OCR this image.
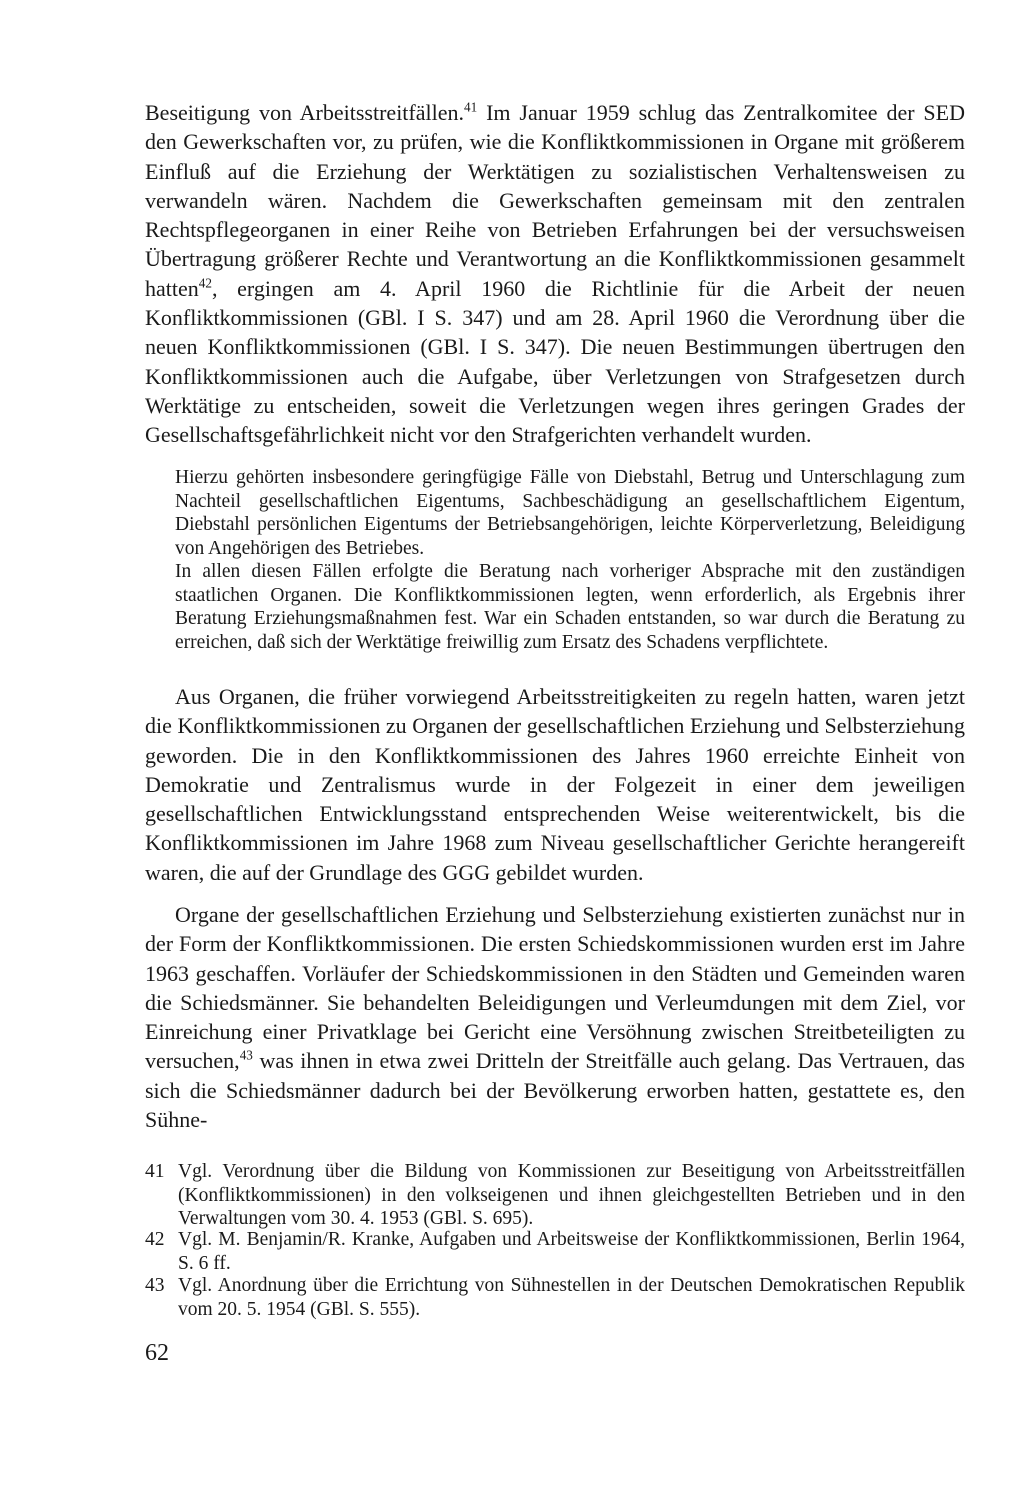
Beseitigung von Arbeitsstreitfällen.$^{41}$ Im Januar 1959 schlug das Zentralkomitee der SED den Gewerkschaften vor, zu prüfen, wie die Konfliktkommissionen in Organe mit größerem Einfluß auf die Erziehung der Werktätigen zu sozialistischen Verhaltensweisen zu verwandeln wären. Nachdem die Gewerkschaften gemeinsam mit den zentralen Rechtspflegeorganen in einer Reihe von Betrieben Erfahrungen bei der versuchsweisen Übertragung größerer Rechte und Verantwortung an die Konfliktkommissionen gesammelt hatten$^{42}$, ergingen am 4. April 1960 die Richtlinie für die Arbeit der neuen Konfliktkommissionen (GBl. I S. 347) und am 28. April 1960 die Verordnung über die neuen Konfliktkommissionen (GBl. I S. 347). Die neuen Bestimmungen übertrugen den Konfliktkommissionen auch die Aufgabe, über Verletzungen von Strafgesetzen durch Werktätige zu entscheiden, soweit die Verletzungen wegen ihres geringen Grades der Gesellschaftsgefährlichkeit nicht vor den Strafgerichten verhandelt wurden.

Hierzu gehörten insbesondere geringfügige Fälle von Diebstahl, Betrug und Unterschlagung zum Nachteil gesellschaftlichen Eigentums, Sachbeschädigung an gesellschaftlichem Eigentum, Diebstahl persönlichen Eigentums der Betriebsangehörigen, leichte Körperverletzung, Beleidigung von Angehörigen des Betriebes.

In allen diesen Fällen erfolgte die Beratung nach vorheriger Absprache mit den zuständigen staatlichen Organen. Die Konfliktkommissionen legten, wenn erforderlich, als Ergebnis ihrer Beratung Erziehungsmaßnahmen fest. War ein Schaden entstanden, so war durch die Beratung zu erreichen, daß sich der Werktätige freiwillig zum Ersatz des Schadens verpflichtete.

Aus Organen, die früher vorwiegend Arbeitsstreitigkeiten zu regeln hatten, waren jetzt die Konfliktkommissionen zu Organen der gesellschaftlichen Erziehung und Selbsterziehung geworden. Die in den Konfliktkommissionen des Jahres 1960 erreichte Einheit von Demokratie und Zentralismus wurde in der Folgezeit in einer dem jeweiligen gesellschaftlichen Entwicklungsstand entsprechenden Weise weiterentwickelt, bis die Konfliktkommissionen im Jahre 1968 zum Niveau gesellschaftlicher Gerichte herangereift waren, die auf der Grundlage des GGG gebildet wurden.

Organe der gesellschaftlichen Erziehung und Selbsterziehung existierten zunächst nur in der Form der Konfliktkommissionen. Die ersten Schiedskommissionen wurden erst im Jahre 1963 geschaffen. Vorläufer der Schiedskommissionen in den Städten und Gemeinden waren die Schiedsmänner. Sie behandelten Beleidigungen und Verleumdungen mit dem Ziel, vor Einreichung einer Privatklage bei Gericht eine Versöhnung zwischen Streitbeteiligten zu versuchen,$^{43}$ was ihnen in etwa zwei Dritteln der Streitfälle auch gelang. Das Vertrauen, das sich die Schiedsmänner dadurch bei der Bevölkerung erworben hatten, gestattete es, den Sühne-

41 Vgl. Verordnung über die Bildung von Kommissionen zur Beseitigung von Arbeitsstreitfällen (Konfliktkommissionen) in den volkseigenen und ihnen gleichgestellten Betrieben und in den Verwaltungen vom 30. 4. 1953 (GBl. S. 695).
42 Vgl. M. Benjamin/R. Kranke, Aufgaben und Arbeitsweise der Konfliktkommissionen, Berlin 1964, S. 6 ff.
43 Vgl. Anordnung über die Errichtung von Sühnestellen in der Deutschen Demokratischen Republik vom 20. 5. 1954 (GBl. S. 555).

62
